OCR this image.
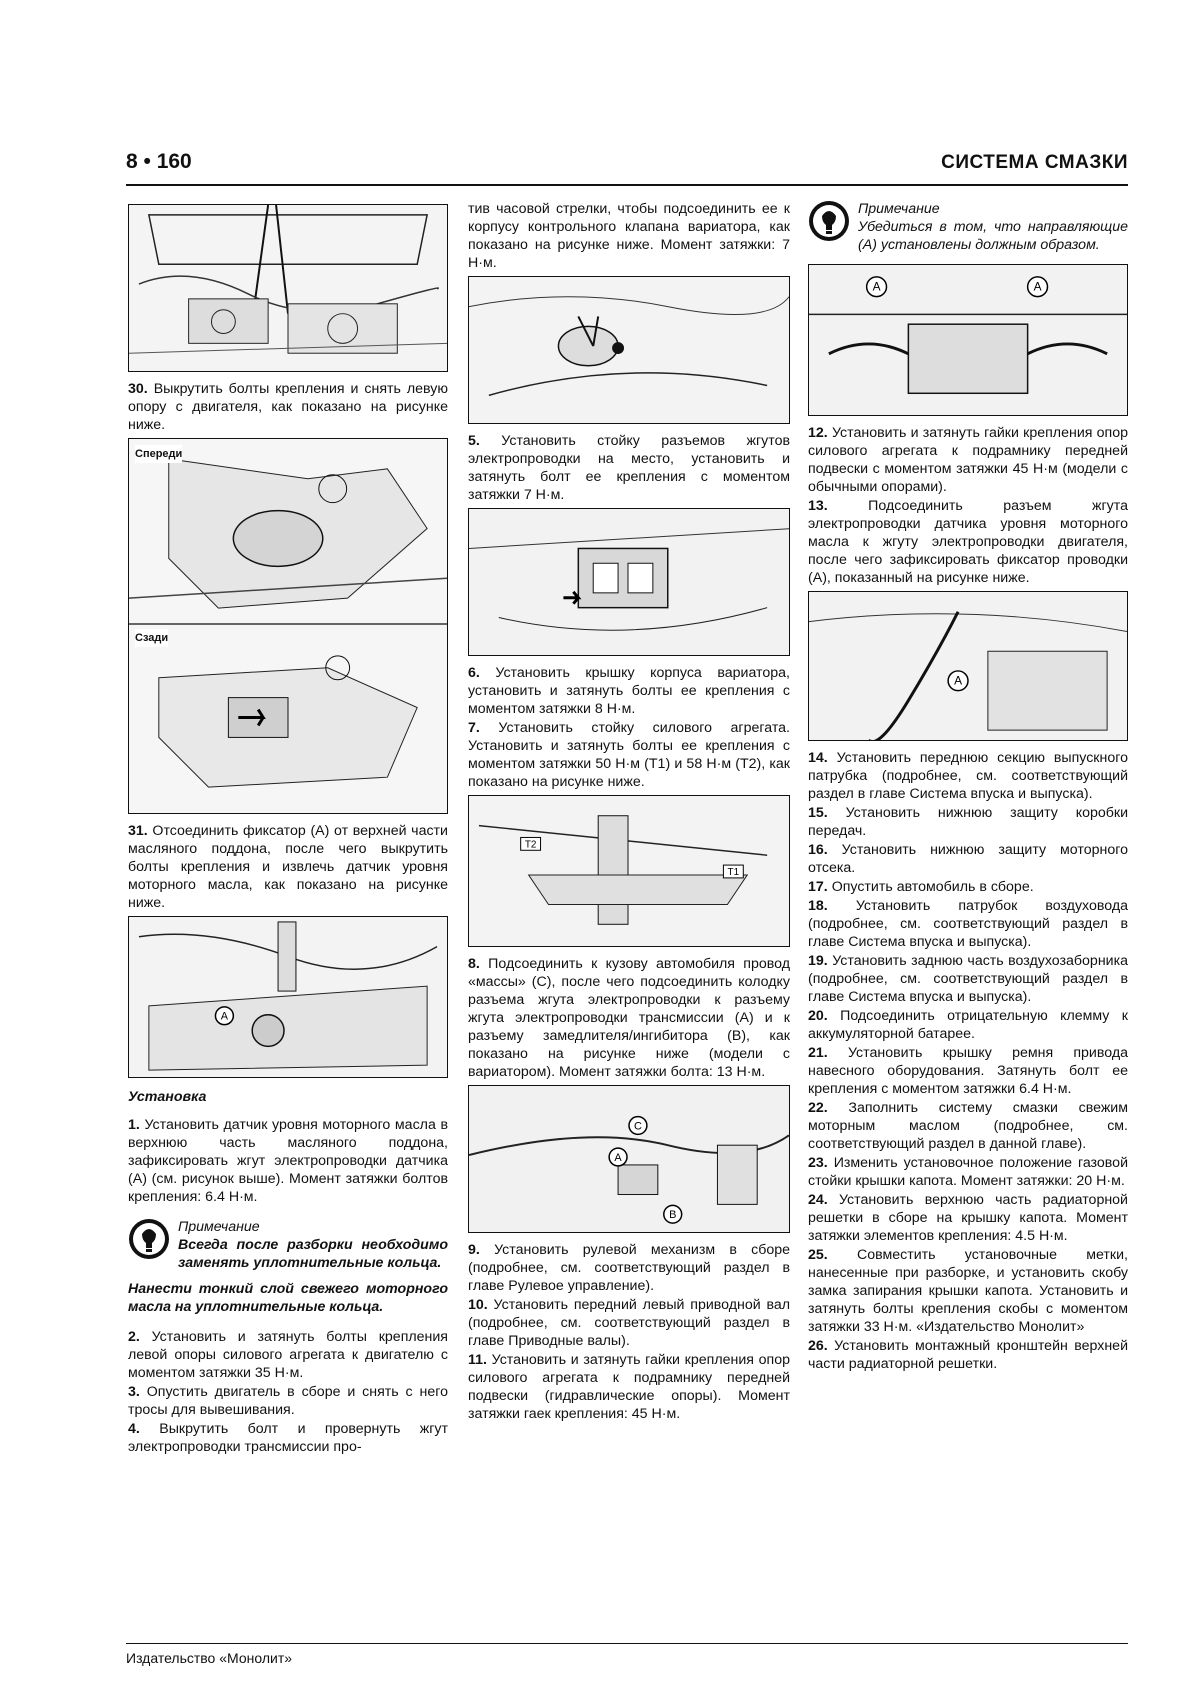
8 • 160	СИСТЕМА СМАЗКИ

30. Выкрутить болты крепления и снять левую опору с двигателя, как показано на рисунке ниже.

Спереди
Сзади

31. Отсоединить фиксатор (А) от верхней части масляного поддона, после чего выкрутить болты крепления и извлечь датчик уровня моторного масла, как показано на рисунке ниже.

A
Установка

1. Установить датчик уровня моторного масла в верхнюю часть масляного поддона, зафиксировать жгут электропроводки датчика (А) (см. рисунок выше). Момент затяжки болтов крепления: 6.4 Н·м.

Примечание
Всегда после разборки необходимо заменять уплотнительные кольца.
Нанести тонкий слой свежего моторного масла на уплотнительные кольца.

2. Установить и затянуть болты крепления левой опоры силового агрегата к двигателю с моментом затяжки 35 Н·м.

3. Опустить двигатель в сборе и снять с него тросы для вывешивания.

4. Выкрутить болт и провернуть жгут электропроводки трансмиссии про-

тив часовой стрелки, чтобы подсоединить ее к корпусу контрольного клапана вариатора, как показано на рисунке ниже. Момент затяжки: 7 Н·м.

5. Установить стойку разъемов жгутов электропроводки на место, установить и затянуть болт ее крепления с моментом затяжки 7 Н·м.

6. Установить крышку корпуса вариатора, установить и затянуть болты ее крепления с моментом затяжки 8 Н·м.

7. Установить стойку силового агрегата. Установить и затянуть болты ее крепления с моментом затяжки 50 Н·м (T1) и 58 Н·м (T2), как показано на рисунке ниже.

T2
T1

8. Подсоединить к кузову автомобиля провод «массы» (С), после чего подсоединить колодку разъема жгута электропроводки к разъему жгута электропроводки трансмиссии (А) и к разъему замедлителя/ингибитора (В), как показано на рисунке ниже (модели с вариатором). Момент затяжки болта: 13 Н·м.

A
B
C

9. Установить рулевой механизм в сборе (подробнее, см. соответствующий раздел в главе Рулевое управление).

10. Установить передний левый приводной вал (подробнее, см. соответствующий раздел в главе Приводные валы).

11. Установить и затянуть гайки крепления опор силового агрегата к подрамнику передней подвески (гидравлические опоры). Момент затяжки гаек крепления: 45 Н·м.

Примечание
Убедиться в том, что направляющие (А) установлены должным образом.
A	A

12. Установить и затянуть гайки крепления опор силового агрегата к подрамнику передней подвески с моментом затяжки 45 Н·м (модели с обычными опорами).

13.	Подсоединить разъем жгута электропроводки датчика уровня моторного масла к жгуту электропроводки двигателя, после чего зафиксировать фиксатор проводки (А), показанный на рисунке ниже.

A

14. Установить переднюю секцию выпускного патрубка (подробнее, см. соответствующий раздел в главе Система впуска и выпуска).

15. Установить нижнюю защиту коробки передач.

16. Установить нижнюю защиту моторного отсека.

17. Опустить автомобиль в сборе.

18. Установить патрубок воздуховода (подробнее, см. соответствующий раздел в главе Система впуска и выпуска).

19. Установить заднюю часть воздухозаборника (подробнее, см. соответствующий раздел в главе Система впуска и выпуска).

20. Подсоединить отрицательную клемму к аккумуляторной батарее.

21. Установить крышку ремня привода навесного оборудования. Затянуть болт ее крепления с моментом затяжки 6.4 Н·м.

22. Заполнить систему смазки свежим моторным маслом (подробнее, см. соответствующий раздел в данной главе).

23. Изменить установочное положение газовой стойки крышки капота. Момент затяжки: 20 Н·м.

24. Установить верхнюю часть радиаторной решетки в сборе на крышку капота. Момент затяжки элементов крепления: 4.5 Н·м.

25. Совместить установочные метки, нанесенные при разборке, и установить скобу замка запирания крышки капота. Установить и затянуть болты крепления скобы с моментом затяжки 33 Н·м. «Издательство Монолит»

26. Установить монтажный кронштейн верхней части радиаторной решетки.

Издательство «Монолит»
